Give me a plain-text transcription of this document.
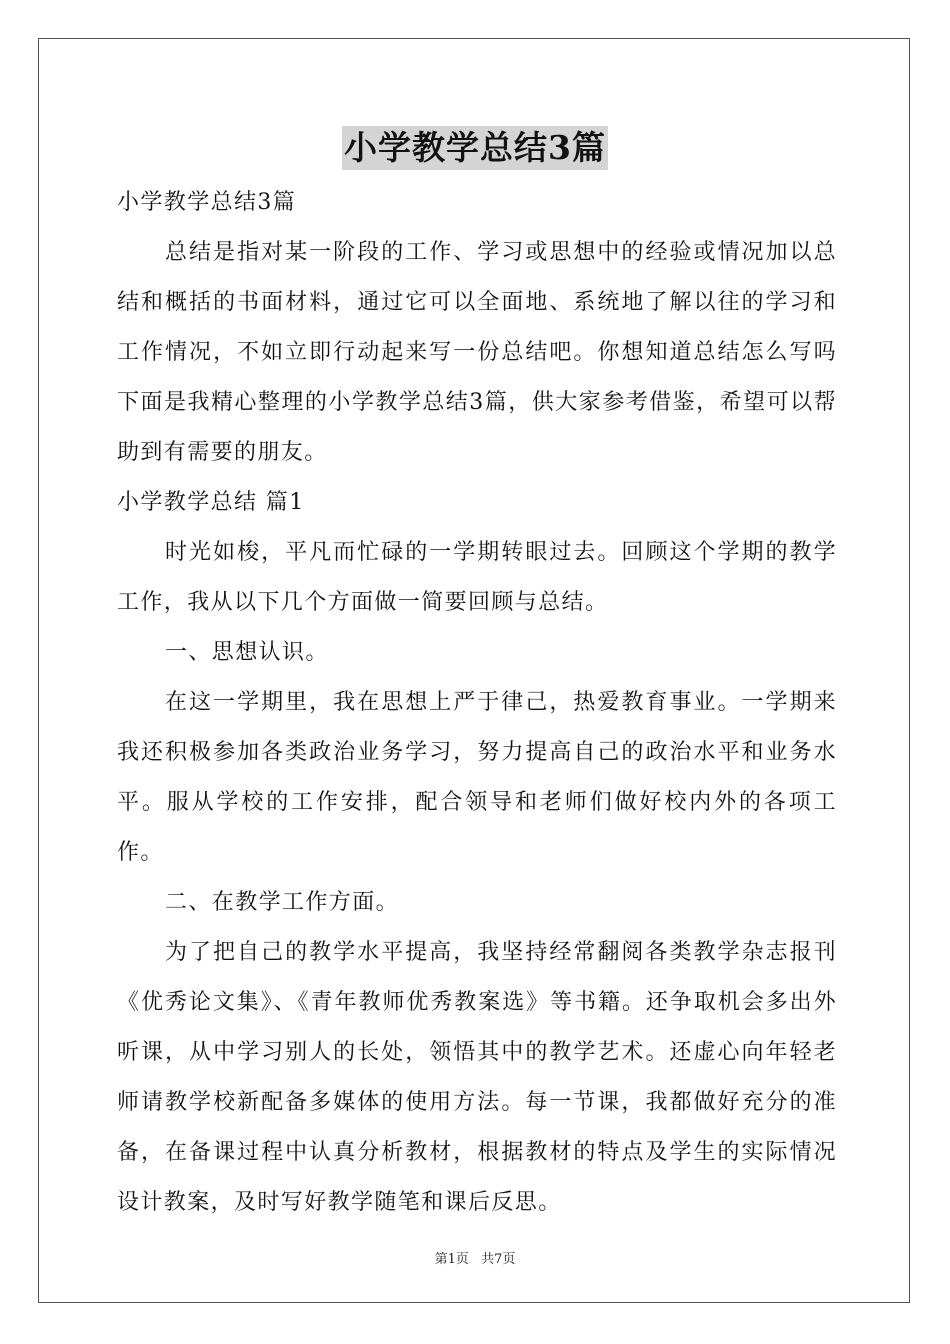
小学教学总结3篇

小学教学总结3篇

总结是指对某一阶段的工作、学习或思想中的经验或情况加以总结和概括的书面材料，通过它可以全面地、系统地了解以往的学习和工作情况，不如立即行动起来写一份总结吧。你想知道总结怎么写吗下面是我精心整理的小学教学总结3篇，供大家参考借鉴，希望可以帮助到有需要的朋友。

小学教学总结 篇1

时光如梭，平凡而忙碌的一学期转眼过去。回顾这个学期的教学工作，我从以下几个方面做一简要回顾与总结。

一、思想认识。

在这一学期里，我在思想上严于律己，热爱教育事业。一学期来我还积极参加各类政治业务学习，努力提高自己的政治水平和业务水平。服从学校的工作安排，配合领导和老师们做好校内外的各项工作。

二、在教学工作方面。

为了把自己的教学水平提高，我坚持经常翻阅各类教学杂志报刊《优秀论文集》、《青年教师优秀教案选》等书籍。还争取机会多出外听课，从中学习别人的长处，领悟其中的教学艺术。还虚心向年轻老师请教学校新配备多媒体的使用方法。每一节课，我都做好充分的准备，在备课过程中认真分析教材，根据教材的特点及学生的实际情况设计教案，及时写好教学随笔和课后反思。

第1页 共7页
